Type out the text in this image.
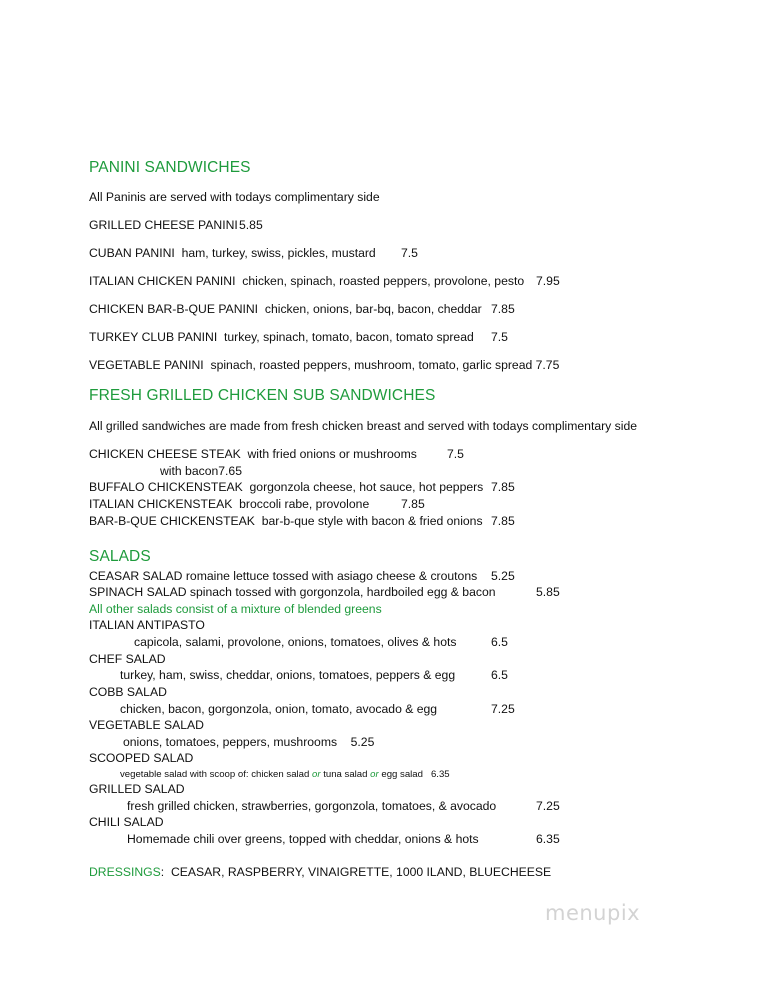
PANINI SANDWICHES
All Paninis are served with todays complimentary side
GRILLED CHEESE PANINI 5.85
CUBAN PANINI ham, turkey, swiss, pickles, mustard 7.5
ITALIAN CHICKEN PANINI chicken, spinach, roasted peppers, provolone, pesto 7.95
CHICKEN BAR-B-QUE PANINI chicken, onions, bar-bq, bacon, cheddar 7.85
TURKEY CLUB PANINI turkey, spinach, tomato, bacon, tomato spread 7.5
VEGETABLE PANINI spinach, roasted peppers, mushroom, tomato, garlic spread 7.75
FRESH GRILLED CHICKEN SUB SANDWICHES
All grilled sandwiches are made from fresh chicken breast and served with todays complimentary side
CHICKEN CHEESE STEAK with fried onions or mushrooms 7.5
with bacon7.65
BUFFALO CHICKENSTEAK gorgonzola cheese, hot sauce, hot peppers 7.85
ITALIAN CHICKENSTEAK broccoli rabe, provolone	7.85
BAR-B-QUE CHICKENSTEAK bar-b-que style with bacon & fried onions 7.85
SALADS
CEASAR SALAD romaine lettuce tossed with asiago cheese & croutons 5.25
SPINACH SALAD spinach tossed with gorgonzola, hardboiled egg & bacon	5.85
All other salads consist of a mixture of blended greens
ITALIAN ANTIPASTO
capicola, salami, provolone, onions, tomatoes, olives & hots	6.5
CHEF SALAD
turkey, ham, swiss, cheddar, onions, tomatoes, peppers & egg	6.5
COBB SALAD
chicken, bacon, gorgonzola, onion, tomato, avocado & egg	7.25
VEGETABLE SALAD
onions, tomatoes, peppers, mushrooms 5.25
SCOOPED SALAD
vegetable salad with scoop of: chicken salad or tuna salad or egg salad 6.35
GRILLED SALAD
fresh grilled chicken, strawberries, gorgonzola, tomatoes, & avocado	7.25
CHILI SALAD
Homemade chili over greens, topped with cheddar, onions & hots	6.35
DRESSINGS: CEASAR, RASPBERRY, VINAIGRETTE, 1000 ILAND, BLUECHEESE
menupix
